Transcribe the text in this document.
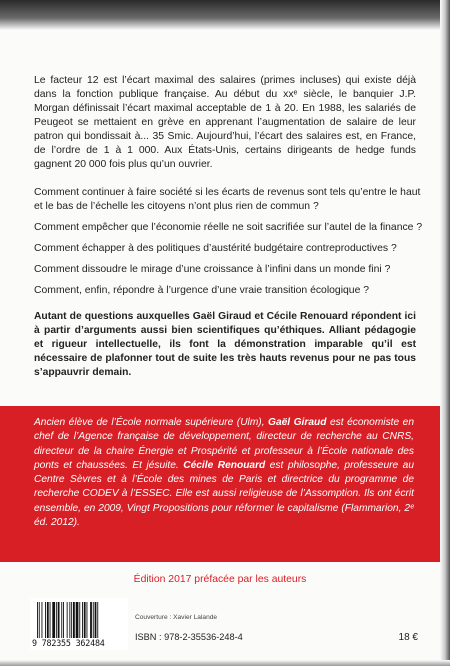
Le facteur 12 est l’écart maximal des salaires (primes incluses) qui existe déjà dans la fonction publique française. Au début du xxᵉ siècle, le banquier J.P. Morgan définissait l’écart maximal acceptable de 1 à 20. En 1988, les salariés de Peugeot se mettaient en grève en apprenant l’augmentation de salaire de leur patron qui bondissait à... 35 Smic. Aujourd’hui, l’écart des salaires est, en France, de l’ordre de 1 à 1 000. Aux États-Unis, certains dirigeants de hedge funds gagnent 20 000 fois plus qu’un ouvrier.

Comment continuer à faire société si les écarts de revenus sont tels qu’entre le haut et le bas de l’échelle les citoyens n’ont plus rien de commun ?
Comment empêcher que l’économie réelle ne soit sacrifiée sur l’autel de la finance ?
Comment échapper à des politiques d’austérité budgétaire contreproductives ?
Comment dissoudre le mirage d’une croissance à l’infini dans un monde fini ?
Comment, enfin, répondre à l’urgence d’une vraie transition écologique ?

Autant de questions auxquelles Gaël Giraud et Cécile Renouard répondent ici à partir d’arguments aussi bien scientifiques qu’éthiques. Alliant pédagogie et rigueur intellectuelle, ils font la démonstration imparable qu’il est nécessaire de plafonner tout de suite les très hauts revenus pour ne pas tous s’appauvrir demain.

Ancien élève de l’École normale supérieure (Ulm), Gaël Giraud est économiste en chef de l’Agence française de développement, directeur de recherche au CNRS, directeur de la chaire Énergie et Prospérité et professeur à l’École nationale des ponts et chaussées. Et jésuite. Cécile Renouard est philosophe, professeure au Centre Sèvres et à l’École des mines de Paris et directrice du programme de recherche CODEV à l’ESSEC. Elle est aussi religieuse de l’Assomption. Ils ont écrit ensemble, en 2009, Vingt Propositions pour réformer le capitalisme (Flammarion, 2ᵉ éd. 2012).

Édition 2017 préfacée par les auteurs
9 782355 362484
Couverture : Xavier Lalande
ISBN : 978-2-35536-248-4	18 €
